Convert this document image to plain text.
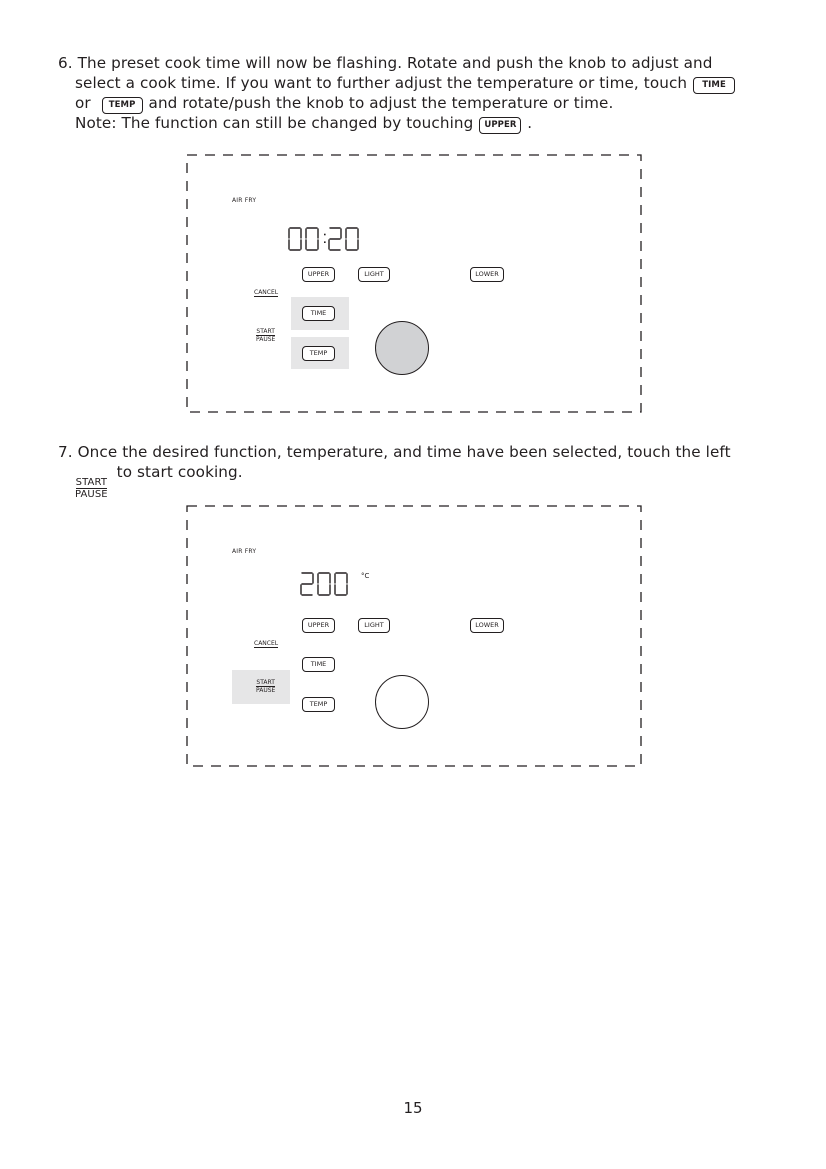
6. The preset cook time will now be flashing. Rotate and push the knob to adjust and
select a cook time. If you want to further adjust the temperature or time, touch TIME
or TEMP and rotate/push the knob to adjust the temperature or time.
Note: The function can still be changed by touching UPPER .
AIR FRY
UPPER	LIGHT	LOWER
CANCEL
TIME
TEMP
START
PAUSE
7. Once the desired function, temperature, and time have been selected, touch the left
START
PAUSE
to start cooking.
AIR FRY
°C
UPPER	LIGHT	LOWER
CANCEL
START
PAUSE
TIME
TEMP
15
